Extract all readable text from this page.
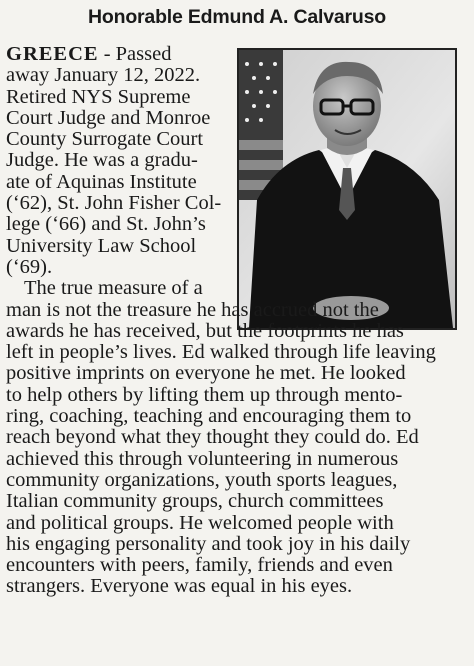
Honorable Edmund A. Calvaruso
GREECE - Passed
away January 12, 2022.
Retired NYS Supreme
Court Judge and Monroe
County Surrogate Court
Judge. He was a gradu-
ate of Aquinas Institute
(‘62), St. John Fisher Col-
lege (‘66) and St. John’s
University Law School
(‘69).
The true measure of a
man is not the treasure he has accrued not the
awards he has received, but the footprints he has
left in people’s lives. Ed walked through life leaving
positive imprints on everyone he met. He looked
to help others by lifting them up through mento-
ring, coaching, teaching and encouraging them to
reach beyond what they thought they could do. Ed
achieved this through volunteering in numerous
community organizations, youth sports leagues,
Italian community groups, church committees
and political groups. He welcomed people with
his engaging personality and took joy in his daily
encounters with peers, family, friends and even
strangers. Everyone was equal in his eyes.
